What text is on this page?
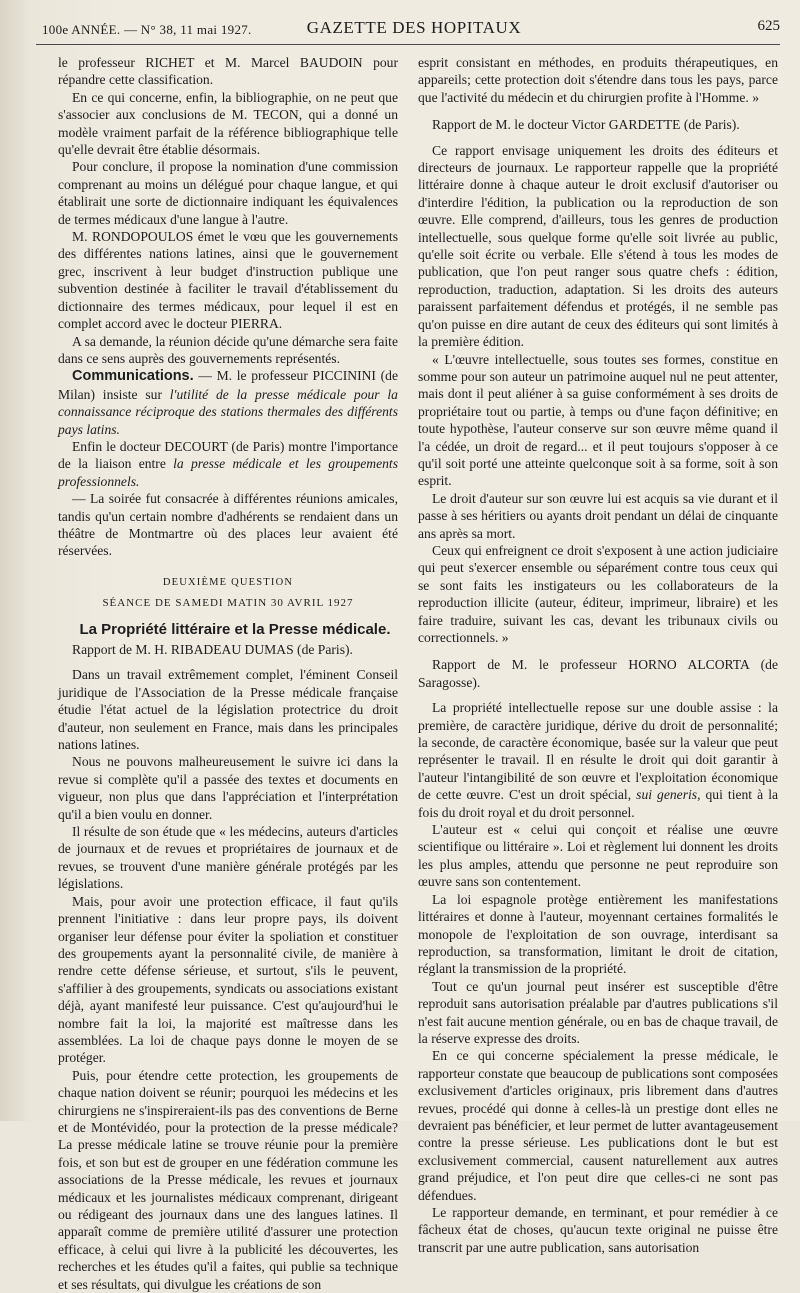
100e ANNÉE. — N° 38, 11 mai 1927.	GAZETTE DES HOPITAUX	625

le professeur RICHET et M. Marcel BAUDOIN pour répandre cette classification.

En ce qui concerne, enfin, la bibliographie, on ne peut que s'associer aux conclusions de M. TECON, qui a donné un modèle vraiment parfait de la référence bibliographique telle qu'elle devrait être établie désormais.

Pour conclure, il propose la nomination d'une commission comprenant au moins un délégué pour chaque langue, et qui établirait une sorte de dictionnaire indiquant les équivalences de termes médicaux d'une langue à l'autre.

M. RONDOPOULOS émet le vœu que les gouvernements des différentes nations latines, ainsi que le gouvernement grec, inscrivent à leur budget d'instruction publique une subvention destinée à faciliter le travail d'établissement du dictionnaire des termes médicaux, pour lequel il est en complet accord avec le docteur PIERRA.

A sa demande, la réunion décide qu'une démarche sera faite dans ce sens auprès des gouvernements représentés.

Communications. — M. le professeur PICCININI (de Milan) insiste sur l'utilité de la presse médicale pour la connaissance réciproque des stations thermales des différents pays latins.

Enfin le docteur DECOURT (de Paris) montre l'importance de la liaison entre la presse médicale et les groupements professionnels.

— La soirée fut consacrée à différentes réunions amicales, tandis qu'un certain nombre d'adhérents se rendaient dans un théâtre de Montmartre où des places leur avaient été réservées.

DEUXIÈME QUESTION

SÉANCE DE SAMEDI MATIN 30 AVRIL 1927

La Propriété littéraire et la Presse médicale.

Rapport de M. H. RIBADEAU DUMAS (de Paris).

Dans un travail extrêmement complet, l'éminent Conseil juridique de l'Association de la Presse médicale française étudie l'état actuel de la législation protectrice du droit d'auteur, non seulement en France, mais dans les principales nations latines.

Nous ne pouvons malheureusement le suivre ici dans la revue si complète qu'il a passée des textes et documents en vigueur, non plus que dans l'appréciation et l'interprétation qu'il a bien voulu en donner.

Il résulte de son étude que « les médecins, auteurs d'articles de journaux et de revues et propriétaires de journaux et de revues, se trouvent d'une manière générale protégés par les législations.

Mais, pour avoir une protection efficace, il faut qu'ils prennent l'initiative : dans leur propre pays, ils doivent organiser leur défense pour éviter la spoliation et constituer des groupements ayant la personnalité civile, de manière à rendre cette défense sérieuse, et surtout, s'ils le peuvent, s'affilier à des groupements, syndicats ou associations existant déjà, ayant manifesté leur puissance. C'est qu'aujourd'hui le nombre fait la loi, la majorité est maîtresse dans les assemblées. La loi de chaque pays donne le moyen de se protéger.

Puis, pour étendre cette protection, les groupements de chaque nation doivent se réunir; pourquoi les médecins et les chirurgiens ne s'inspireraient-ils pas des conventions de Berne et de Montévidéo, pour la protection de la presse médicale? La presse médicale latine se trouve réunie pour la première fois, et son but est de grouper en une fédération commune les associations de la Presse médicale, les revues et journaux médicaux et les journalistes médicaux comprenant, dirigeant ou rédigeant des journaux dans une des langues latines. Il apparaît comme de première utilité d'assurer une protection efficace, à celui qui livre à la publicité les découvertes, les recherches et les études qu'il a faites, qui publie sa technique et ses résultats, qui divulgue les créations de son

esprit consistant en méthodes, en produits thérapeutiques, en appareils; cette protection doit s'étendre dans tous les pays, parce que l'activité du médecin et du chirurgien profite à l'Homme. »

Rapport de M. le docteur Victor GARDETTE (de Paris).

Ce rapport envisage uniquement les droits des éditeurs et directeurs de journaux. Le rapporteur rappelle que la propriété littéraire donne à chaque auteur le droit exclusif d'autoriser ou d'interdire l'édition, la publication ou la reproduction de son œuvre. Elle comprend, d'ailleurs, tous les genres de production intellectuelle, sous quelque forme qu'elle soit livrée au public, qu'elle soit écrite ou verbale. Elle s'étend à tous les modes de publication, que l'on peut ranger sous quatre chefs : édition, reproduction, traduction, adaptation. Si les droits des auteurs paraissent parfaitement défendus et protégés, il ne semble pas qu'on puisse en dire autant de ceux des éditeurs qui sont limités à la première édition.

« L'œuvre intellectuelle, sous toutes ses formes, constitue en somme pour son auteur un patrimoine auquel nul ne peut attenter, mais dont il peut aliéner à sa guise conformément à ses droits de propriétaire tout ou partie, à temps ou d'une façon définitive; en toute hypothèse, l'auteur conserve sur son œuvre même quand il l'a cédée, un droit de regard... et il peut toujours s'opposer à ce qu'il soit porté une atteinte quelconque soit à sa forme, soit à son esprit.

Le droit d'auteur sur son œuvre lui est acquis sa vie durant et il passe à ses héritiers ou ayants droit pendant un délai de cinquante ans après sa mort.

Ceux qui enfreignent ce droit s'exposent à une action judiciaire qui peut s'exercer ensemble ou séparément contre tous ceux qui se sont faits les instigateurs ou les collaborateurs de la reproduction illicite (auteur, éditeur, imprimeur, libraire) et les faire traduire, suivant les cas, devant les tribunaux civils ou correctionnels. »

Rapport de M. le professeur HORNO ALCORTA (de Saragosse).

La propriété intellectuelle repose sur une double assise : la première, de caractère juridique, dérive du droit de personnalité; la seconde, de caractère économique, basée sur la valeur que peut représenter le travail. Il en résulte le droit qui doit garantir à l'auteur l'intangibilité de son œuvre et l'exploitation économique de cette œuvre. C'est un droit spécial, sui generis, qui tient à la fois du droit royal et du droit personnel.

L'auteur est « celui qui conçoit et réalise une œuvre scientifique ou littéraire ». Loi et règlement lui donnent les droits les plus amples, attendu que personne ne peut reproduire son œuvre sans son contentement.

La loi espagnole protège entièrement les manifestations littéraires et donne à l'auteur, moyennant certaines formalités le monopole de l'exploitation de son ouvrage, interdisant sa reproduction, sa transformation, limitant le droit de citation, réglant la transmission de la propriété.

Tout ce qu'un journal peut insérer est susceptible d'être reproduit sans autorisation préalable par d'autres publications s'il n'est fait aucune mention générale, ou en bas de chaque travail, de la réserve expresse des droits.

En ce qui concerne spécialement la presse médicale, le rapporteur constate que beaucoup de publications sont composées exclusivement d'articles originaux, pris librement dans d'autres revues, procédé qui donne à celles-là un prestige dont elles ne devraient pas bénéficier, et leur permet de lutter avantageusement contre la presse sérieuse. Les publications dont le but est exclusivement commercial, causent naturellement aux autres grand préjudice, et l'on peut dire que celles-ci ne sont pas défendues.

Le rapporteur demande, en terminant, et pour remédier à ce fâcheux état de choses, qu'aucun texte original ne puisse être transcrit par une autre publication, sans autorisation
